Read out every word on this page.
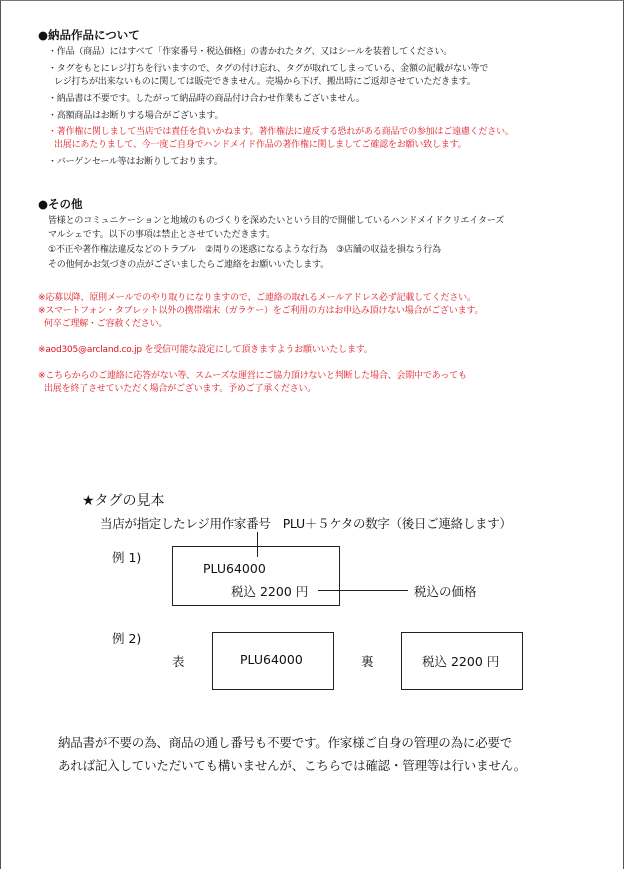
●納品作品について
・作品（商品）にはすべて「作家番号・税込価格」の書かれたタグ、又はシールを装着してください。
・タグをもとにレジ打ちを行いますので、タグの付け忘れ、タグが取れてしまっている、金額の記載がない等で
レジ打ちが出来ないものに関しては販売できません。売場から下げ、搬出時にご返却させていただきます。
・納品書は不要です。したがって納品時の商品付け合わせ作業もございません。
・高額商品はお断りする場合がございます。
・著作権に関しまして当店では責任を負いかねます。著作権法に違反する恐れがある商品での参加はご遠慮ください。
出展にあたりまして、今一度ご自身でハンドメイド作品の著作権に関しましてご確認をお願い致します。
・バーゲンセール等はお断りしております。
●その他
皆様とのコミュニケーションと地域のものづくりを深めたいという目的で開催しているハンドメイドクリエイターズ
マルシェです。以下の事項は禁止とさせていただきます。
①不正や著作権法違反などのトラブル　②周りの迷惑になるような行為　③店舗の収益を損なう行為
その他何かお気づきの点がございましたらご連絡をお願いいたします。
※応募以降、原則メールでのやり取りになりますので、ご連絡の取れるメールアドレス必ず記載してください。
※スマートフォン・タブレット以外の携帯端末（ガラケー）をご利用の方はお申込み頂けない場合がございます。
何卒ご理解・ご容赦ください。
※aod305@arcland.co.jp を受信可能な設定にして頂きますようお願いいたします。
※こちらからのご連絡に応答がない等、スムーズな運営にご協力頂けないと判断した場合、会期中であっても
出展を終了させていただく場合がございます。予めご了承ください。
★タグの見本
当店が指定したレジ用作家番号　PLU＋５ケタの数字（後日ご連絡します）
例 1)
PLU64000
税込 2200 円	税込の価格
例 2)
表	PLU64000	裏	税込 2200 円
納品書が不要の為、商品の通し番号も不要です。作家様ご自身の管理の為に必要で
あれば記入していただいても構いませんが、こちらでは確認・管理等は行いません。
